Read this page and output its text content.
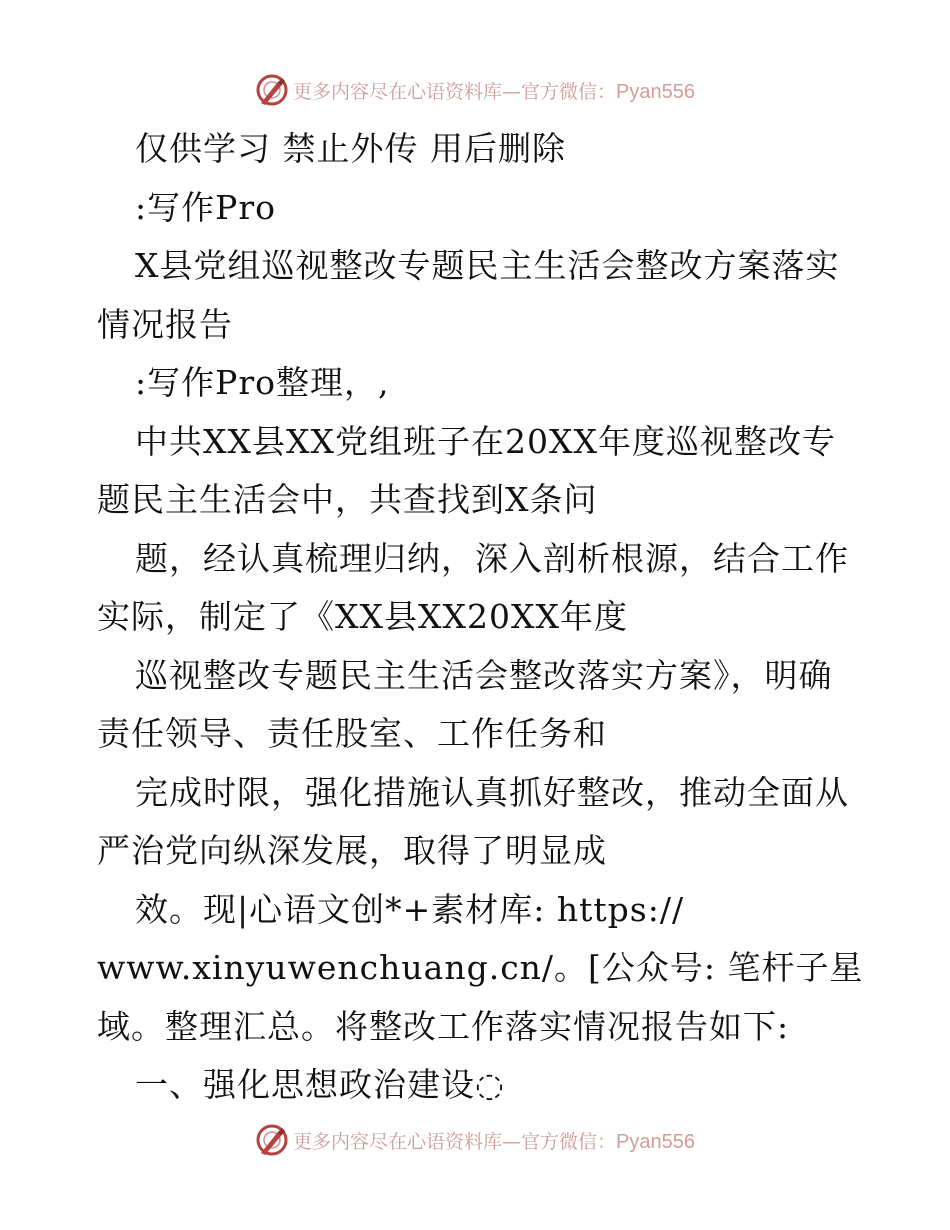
更多内容尽在心语资料库—官方微信：Pyan556
仅供学习 禁止外传 用后删除
:写作Pro
X县党组巡视整改专题民主生活会整改方案落实
情况报告
:写作Pro整理，,
中共XX县XX党组班子在20XX年度巡视整改专
题民主生活会中，共查找到X条问
题，经认真梳理归纳，深入剖析根源，结合工作
实际，制定了《XX县XX20XX年度
巡视整改专题民主生活会整改落实方案》，明确
责任领导、责任股室、工作任务和
完成时限，强化措施认真抓好整改，推动全面从
严治党向纵深发展，取得了明显成
效。现|心语文创*+素材库: https://
www.xinyuwenchuang.cn/。[公众号: 笔杆子星
域。整理汇总。将整改工作落实情况报告如下:
一、强化思想政治建设◌
更多内容尽在心语资料库—官方微信：Pyan556
